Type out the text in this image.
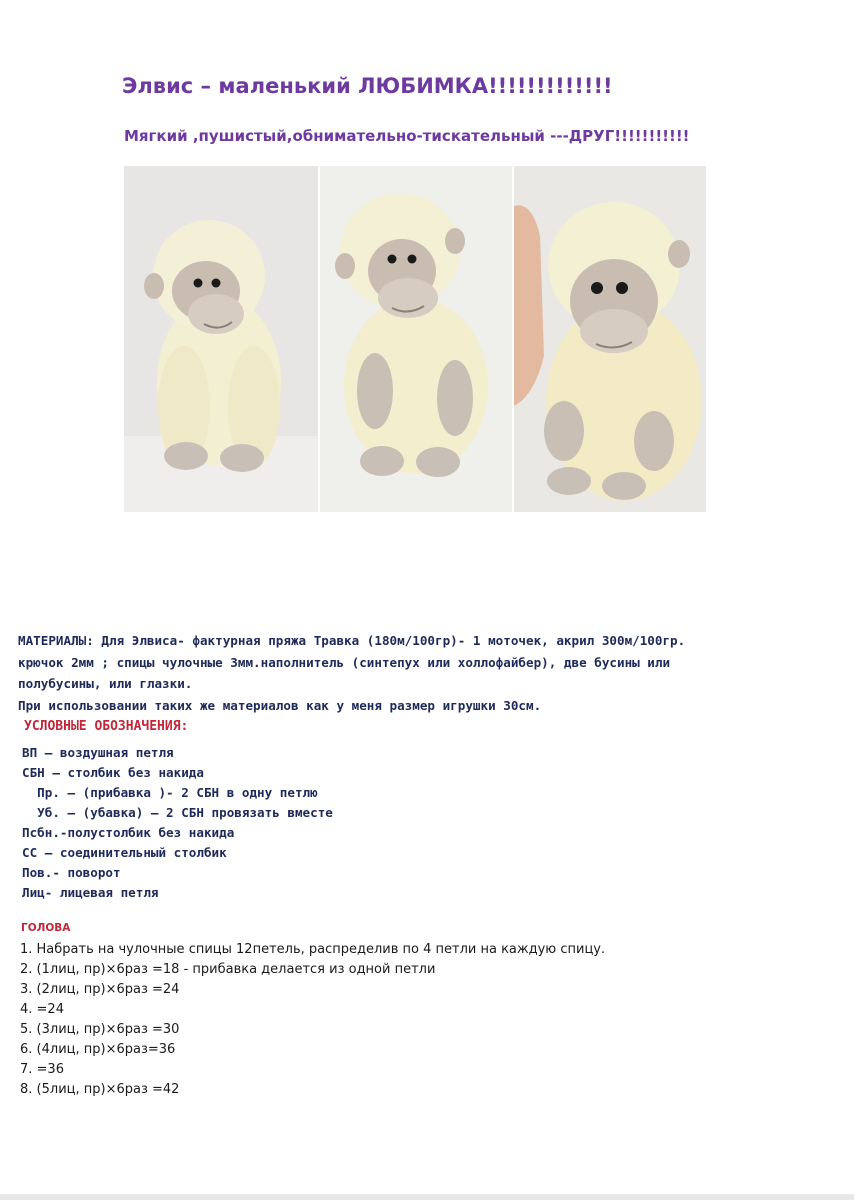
Элвис – маленький ЛЮБИМКА!!!!!!!!!!!!!
Мягкий ,пушистый,обнимательно-тискательный ---ДРУГ!!!!!!!!!!!

МАТЕРИАЛЫ: Для Элвиса- фактурная пряжа Травка (180м/100гр)- 1 моточек, акрил 300м/100гр.

крючок 2мм ; спицы чулочные 3мм.наполнитель (синтепух или холлофайбер), две бусины или

полубусины, или глазки.

При использовании таких же материалов как у меня размер игрушки 30см.

УСЛОВНЫЕ ОБОЗНАЧЕНИЯ:
ВП – воздушная петля
СБН – столбик без накида
Пр. – (прибавка )- 2 СБН в одну петлю
Уб. – (убавка) – 2 СБН провязать вместе
Псбн.-полустолбик без накида
СС – соединительный столбик
Пов.- поворот
Лиц- лицевая петля
ГОЛОВА
1. Набрать на чулочные спицы 12петель, распределив по 4 петли на каждую спицу.
2. (1лиц, пр)×6раз =18 - прибавка делается из одной петли
3. (2лиц, пр)×6раз =24
4. =24
5. (3лиц, пр)×6раз =30
6. (4лиц, пр)×6раз=36
7. =36
8. (5лиц, пр)×6раз =42
